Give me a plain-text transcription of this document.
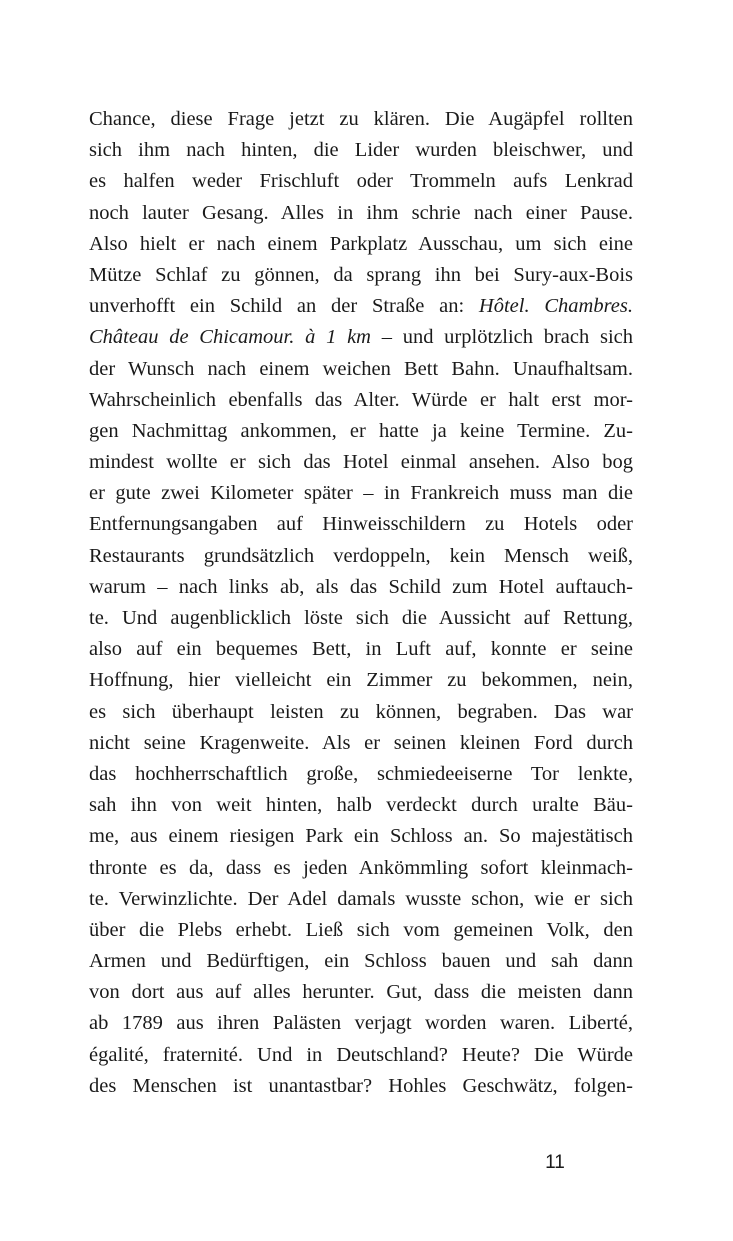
Chance, diese Frage jetzt zu klären. Die Augäpfel rollten
sich ihm nach hinten, die Lider wurden bleischwer, und
es halfen weder Frischluft oder Trommeln aufs Lenkrad
noch lauter Gesang. Alles in ihm schrie nach einer Pause.
Also hielt er nach einem Parkplatz Ausschau, um sich eine
Mütze Schlaf zu gönnen, da sprang ihn bei Sury-aux-Bois
unverhofft ein Schild an der Straße an: Hôtel. Chambres.
Château de Chicamour. à 1 km – und urplötzlich brach sich
der Wunsch nach einem weichen Bett Bahn. Unaufhaltsam.
Wahrscheinlich ebenfalls das Alter. Würde er halt erst mor-
gen Nachmittag ankommen, er hatte ja keine Termine. Zu-
mindest wollte er sich das Hotel einmal ansehen. Also bog
er gute zwei Kilometer später – in Frankreich muss man die
Entfernungsangaben auf Hinweisschildern zu Hotels oder
Restaurants grundsätzlich verdoppeln, kein Mensch weiß,
warum – nach links ab, als das Schild zum Hotel auftauch-
te. Und augenblicklich löste sich die Aussicht auf Rettung,
also auf ein bequemes Bett, in Luft auf, konnte er seine
Hoffnung, hier vielleicht ein Zimmer zu bekommen, nein,
es sich überhaupt leisten zu können, begraben. Das war
nicht seine Kragenweite. Als er seinen kleinen Ford durch
das hochherrschaftlich große, schmiedeeiserne Tor lenkte,
sah ihn von weit hinten, halb verdeckt durch uralte Bäu-
me, aus einem riesigen Park ein Schloss an. So majestätisch
thronte es da, dass es jeden Ankömmling sofort kleinmach-
te. Verwinzlichte. Der Adel damals wusste schon, wie er sich
über die Plebs erhebt. Ließ sich vom gemeinen Volk, den
Armen und Bedürftigen, ein Schloss bauen und sah dann
von dort aus auf alles herunter. Gut, dass die meisten dann
ab 1789 aus ihren Palästen verjagt worden waren. Liberté,
égalité, fraternité. Und in Deutschland? Heute? Die Würde
des Menschen ist unantastbar? Hohles Geschwätz, folgen-
11
